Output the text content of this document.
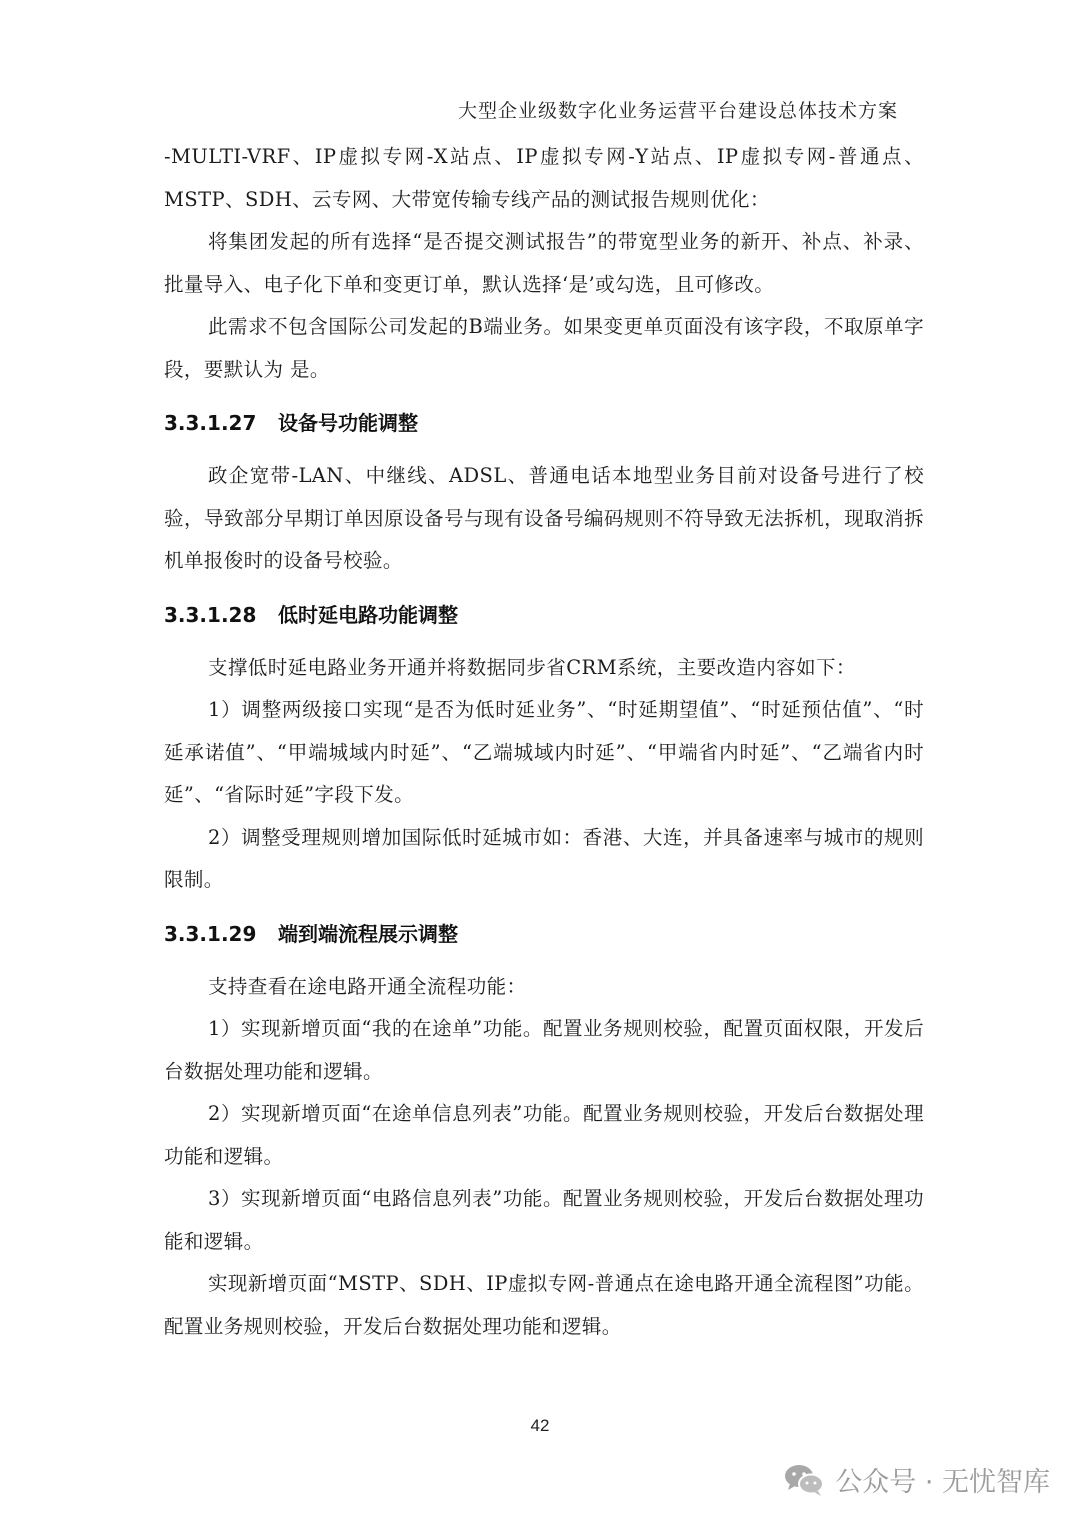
大型企业级数字化业务运营平台建设总体技术方案

-MULTI-VRF、IP虚拟专网-X站点、IP虚拟专网-Y站点、IP虚拟专网-普通点、MSTP、SDH、云专网、大带宽传输专线产品的测试报告规则优化：

将集团发起的所有选择“是否提交测试报告”的带宽型业务的新开、补点、补录、批量导入、电子化下单和变更订单，默认选择‘是’或勾选，且可修改。

此需求不包含国际公司发起的B端业务。如果变更单页面没有该字段，不取原单字段，要默认为 是。

3.3.1.27 设备号功能调整

政企宽带-LAN、中继线、ADSL、普通电话本地型业务目前对设备号进行了校验，导致部分早期订单因原设备号与现有设备号编码规则不符导致无法拆机，现取消拆机单报俊时的设备号校验。

3.3.1.28 低时延电路功能调整

支撑低时延电路业务开通并将数据同步省CRM系统，主要改造内容如下：

1）调整两级接口实现“是否为低时延业务”、“时延期望值”、“时延预估值”、“时延承诺值”、“甲端城域内时延”、“乙端城域内时延”、“甲端省内时延”、“乙端省内时延”、“省际时延”字段下发。

2）调整受理规则增加国际低时延城市如：香港、大连，并具备速率与城市的规则限制。

3.3.1.29 端到端流程展示调整

支持查看在途电路开通全流程功能：

1）实现新增页面“我的在途单”功能。配置业务规则校验，配置页面权限，开发后台数据处理功能和逻辑。

2）实现新增页面“在途单信息列表”功能。配置业务规则校验，开发后台数据处理功能和逻辑。

3）实现新增页面“电路信息列表”功能。配置业务规则校验，开发后台数据处理功能和逻辑。

实现新增页面“MSTP、SDH、IP虚拟专网-普通点在途电路开通全流程图”功能。配置业务规则校验，开发后台数据处理功能和逻辑。

42
公众号 · 无忧智库
